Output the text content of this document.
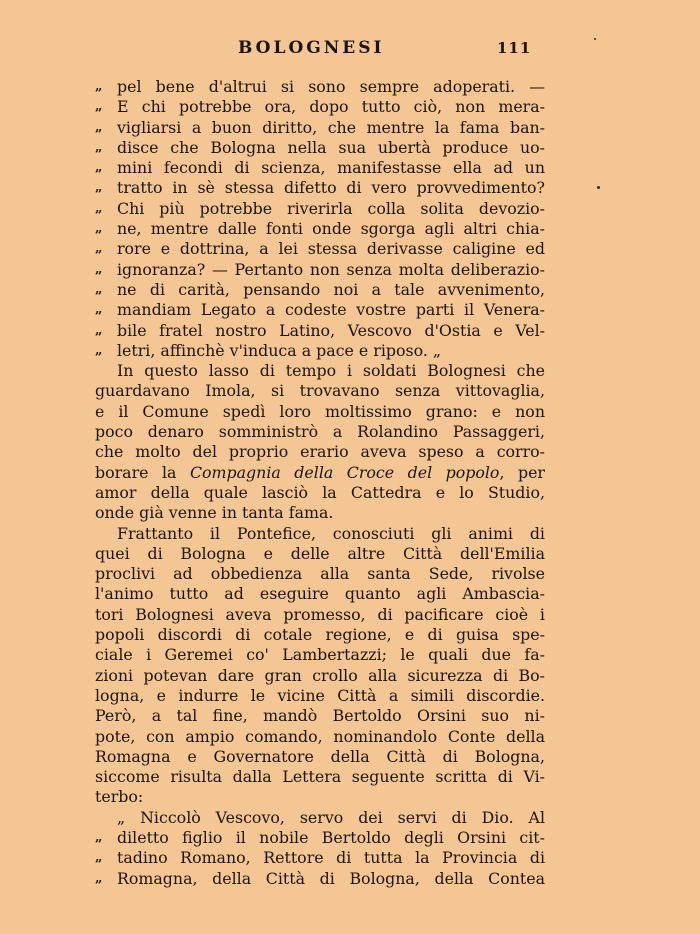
BOLOGNESI	111
„ pel bene d'altrui si sono sempre adoperati. —
„ E chi potrebbe ora, dopo tutto ciò, non mera-
„ vigliarsi a buon diritto, che mentre la fama ban-
„ disce che Bologna nella sua ubertà produce uo-
„ mini fecondi di scienza, manifestasse ella ad un
„ tratto in sè stessa difetto di vero provvedimento?
„ Chi più potrebbe riverirla colla solita devozio-
„ ne, mentre dalle fonti onde sgorga agli altri chia-
„ rore e dottrina, a lei stessa derivasse caligine ed
„ ignoranza? — Pertanto non senza molta deliberazio-
„ ne di carità, pensando noi a tale avvenimento,
„ mandiam Legato a codeste vostre parti il Venera-
„ bile fratel nostro Latino, Vescovo d'Ostia e Vel-
„ letri, affinchè v'induca a pace e riposo. „
In questo lasso di tempo i soldati Bolognesi che
guardavano Imola, si trovavano senza vittovaglia,
e il Comune spedì loro moltissimo grano: e non
poco denaro somministrò a Rolandino Passaggeri,
che molto del proprio erario aveva speso a corro-
borare la Compagnia della Croce del popolo, per
amor della quale lasciò la Cattedra e lo Studio,
onde già venne in tanta fama.
Frattanto il Pontefice, conosciuti gli animi di
quei di Bologna e delle altre Città dell'Emilia
proclivi ad obbedienza alla santa Sede, rivolse
l'animo tutto ad eseguire quanto agli Ambascia-
tori Bolognesi aveva promesso, di pacificare cioè i
popoli discordi di cotale regione, e di guisa spe-
ciale i Geremei co' Lambertazzi; le quali due fa-
zioni potevan dare gran crollo alla sicurezza di Bo-
logna, e indurre le vicine Città a simili discordie.
Però, a tal fine, mandò Bertoldo Orsini suo ni-
pote, con ampio comando, nominandolo Conte della
Romagna e Governatore della Città di Bologna,
siccome risulta dalla Lettera seguente scritta di Vi-
terbo:
„ Niccolò Vescovo, servo dei servi di Dio. Al
„ diletto figlio il nobile Bertoldo degli Orsini cit-
„ tadino Romano, Rettore di tutta la Provincia di
„ Romagna, della Città di Bologna, della Contea
